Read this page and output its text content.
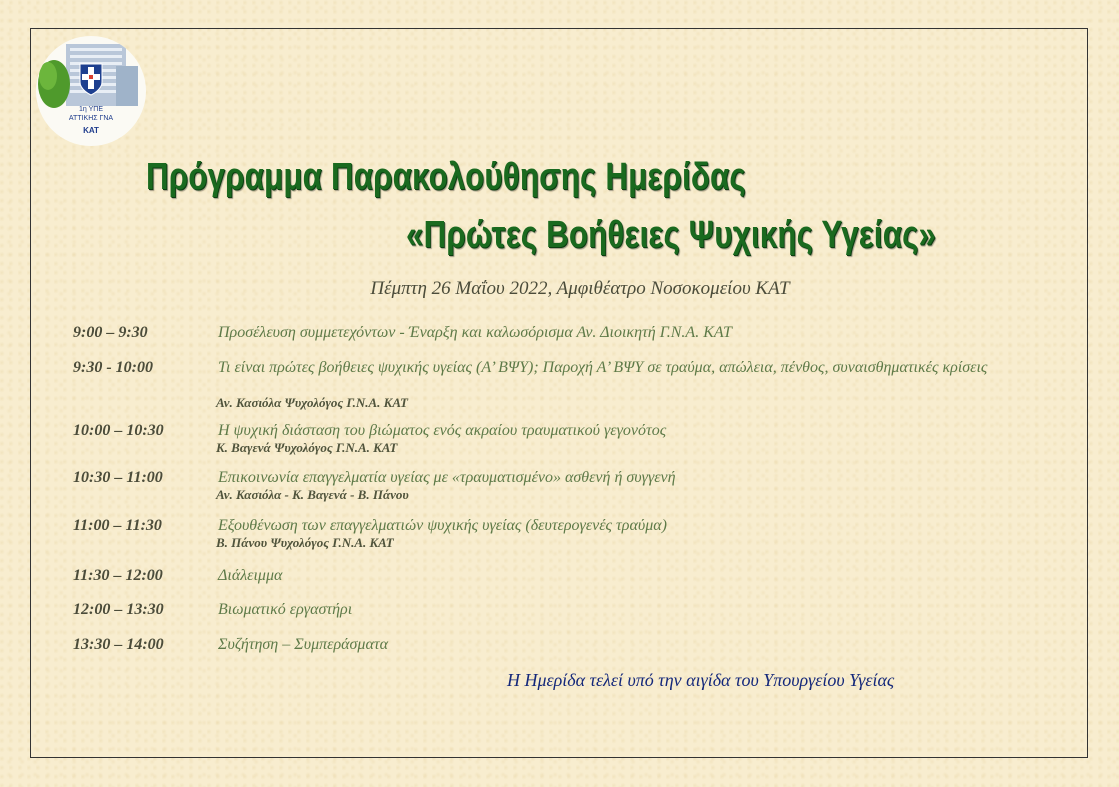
1η ΥΠΕ
ΑΤΤΙΚΗΣ ΓΝΑ
ΚΑΤ
Πρόγραμμα Παρακολούθησης Ημερίδας
«Πρώτες Βοήθειες Ψυχικής Υγείας»
Πέμπτη 26 Μαΐου 2022, Αμφιθέατρο Νοσοκομείου ΚΑΤ
9:00 – 9:30	Προσέλευση συμμετεχόντων - Έναρξη και καλωσόρισμα Αν. Διοικητή Γ.Ν.Α. ΚΑΤ
9:30 - 10:00	Τι είναι πρώτες βοήθειες ψυχικής υγείας (Α’ ΒΨΥ); Παροχή Α’ ΒΨΥ σε τραύμα, απώλεια, πένθος, συναισθηματικές κρίσεις
Αν. Κασιόλα Ψυχολόγος Γ.Ν.Α. ΚΑΤ
10:00 – 10:30	Η ψυχική διάσταση του βιώματος ενός ακραίου τραυματικού γεγονότος
Κ. Βαγενά Ψυχολόγος Γ.Ν.Α. ΚΑΤ
10:30 – 11:00	Επικοινωνία επαγγελματία υγείας με «τραυματισμένο» ασθενή ή συγγενή
Αν. Κασιόλα - Κ. Βαγενά - Β. Πάνου
11:00 – 11:30	Εξουθένωση των επαγγελματιών ψυχικής υγείας (δευτερογενές τραύμα)
Β. Πάνου Ψυχολόγος Γ.Ν.Α. ΚΑΤ
11:30 – 12:00	Διάλειμμα
12:00 – 13:30	Βιωματικό εργαστήρι
13:30 – 14:00	Συζήτηση – Συμπεράσματα
Η Ημερίδα τελεί υπό την αιγίδα του Υπουργείου Υγείας
